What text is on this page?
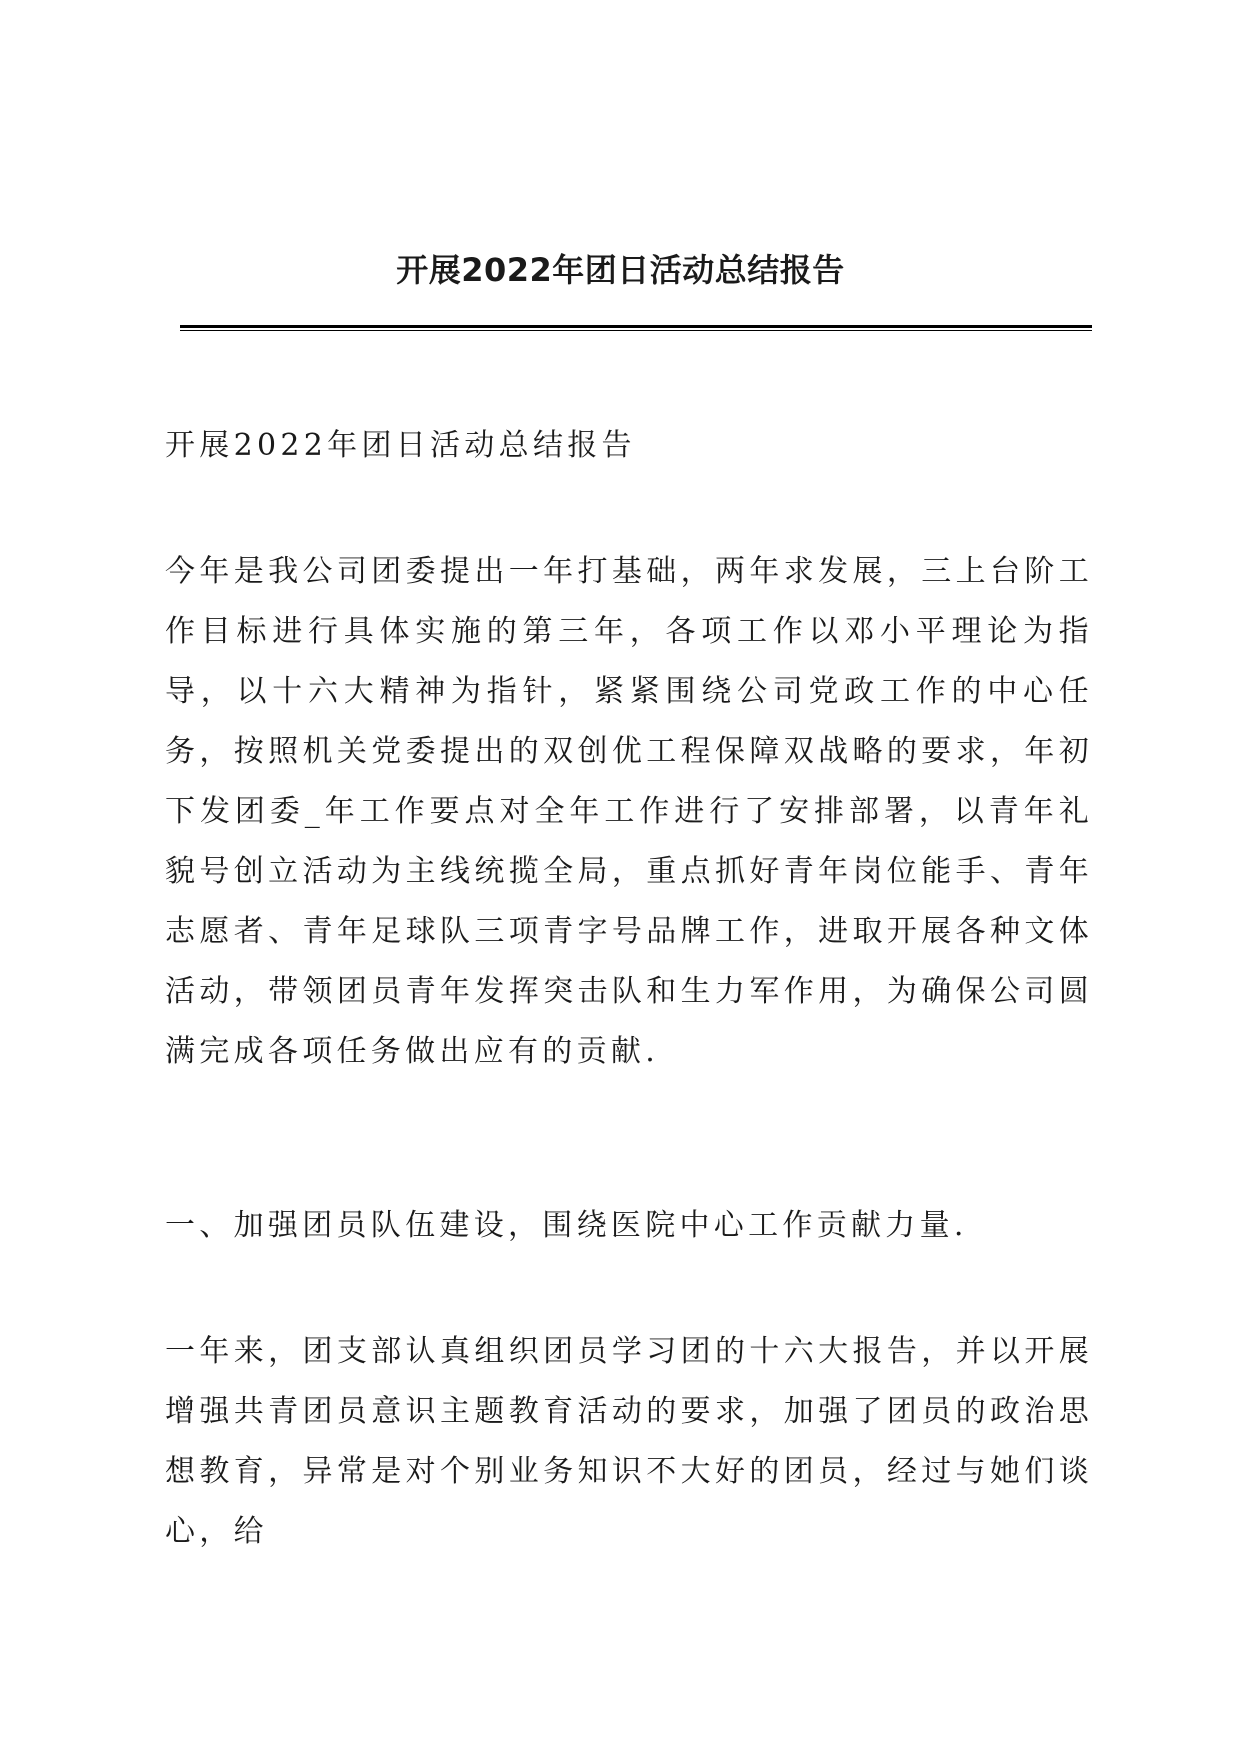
开展2022年团日活动总结报告

开展2022年团日活动总结报告

今年是我公司团委提出一年打基础，两年求发展，三上台阶工作目标进行具体实施的第三年，各项工作以邓小平理论为指导，以十六大精神为指针，紧紧围绕公司党政工作的中心任务，按照机关党委提出的双创优工程保障双战略的要求，年初下发团委_年工作要点对全年工作进行了安排部署，以青年礼貌号创立活动为主线统揽全局，重点抓好青年岗位能手、青年志愿者、青年足球队三项青字号品牌工作，进取开展各种文体活动，带领团员青年发挥突击队和生力军作用，为确保公司圆满完成各项任务做出应有的贡献.

一、加强团员队伍建设，围绕医院中心工作贡献力量.

一年来，团支部认真组织团员学习团的十六大报告，并以开展增强共青团员意识主题教育活动的要求，加强了团员的政治思想教育，异常是对个别业务知识不大好的团员，经过与她们谈心，给
